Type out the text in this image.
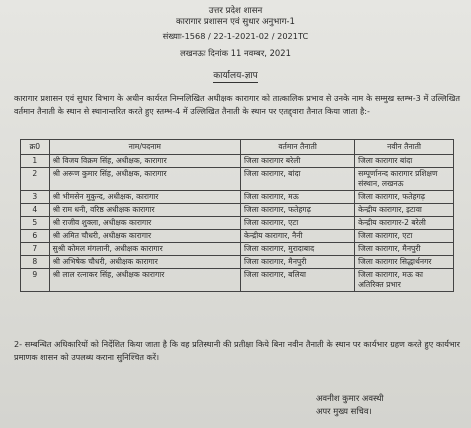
उत्तर प्रदेश शासन
कारागार प्रशासन एवं सुधार अनुभाग-1
संख्याः-1568 / 22-1-2021-02 / 2021TC
लखनऊः दिनांक 11 नवम्बर, 2021
कार्यालय-ज्ञाप
कारागार प्रशासन एवं सुधार विभाग के अधीन कार्यरत निम्नलिखित अधीक्षक कारागार को तात्कालिक प्रभाव से उनके नाम के सम्मुख स्तम्भ-3 में उल्लिखित वर्तमान तैनाती के स्थान से स्थानान्तरित करते हुए स्तम्भ-4 में उल्लिखित तैनाती के स्थान पर एतद्द्वारा तैनात किया जाता है:-
क्र0	नाम/पदनाम	वर्तमान तैनाती	नवीन तैनाती
1	श्री विजय विक्रम सिंह, अधीक्षक, कारागार	जिला कारागार बरेली	जिला कारागार बांदा
2	श्री अरूण कुमार सिंह, अधीक्षक, कारागार	जिला कारागार, बांदा	सम्पूर्णानन्द कारागार प्रशिक्षण संस्थान, लखनऊ
3	श्री भीमसेन मुकुन्द, अधीक्षक, कारागार	जिला कारागार, मऊ	जिला कारागार, फतेहगढ़
4	श्री राम धनी, वरिष्ठ अधीक्षक कारागार	जिला कारागार, फतेहगढ़	केन्द्रीय कारागार, इटावा
5	श्री राजीव शुक्ला, अधीक्षक कारागार	जिला कारागार, एटा	केन्द्रीय कारागार-2 बरेली
6	श्री अमित चौधरी, अधीक्षक कारागार	केन्द्रीय कारागार, नैनी	जिला कारागार, एटा
7	सुश्री कोमल मंगलानी, अधीक्षक कारागार	जिला कारागार, मुरादाबाद	जिला कारागार, मैनपुरी
8	श्री अभिषेक चौधरी, अधीक्षक कारागार	जिला कारागार, मैनपुरी	जिला कारागार सिद्धार्थनगर
9	श्री लाल रत्नाकर सिंह, अधीक्षक कारागार	जिला कारागार, बलिया	जिला कारागार, मऊ का अतिरिक्त प्रभार
2- सम्बन्धित अधिकारियों को निर्देशित किया जाता है कि वह प्रतिस्थानी की प्रतीक्षा किये बिना नवीन तैनाती के स्थान पर कार्यभार ग्रहण करते हुए कार्यभार प्रमाणक शासन को उपलब्ध कराना सुनिश्चित करें।
अवनीश कुमार अवस्थी
अपर मुख्य सचिव।
